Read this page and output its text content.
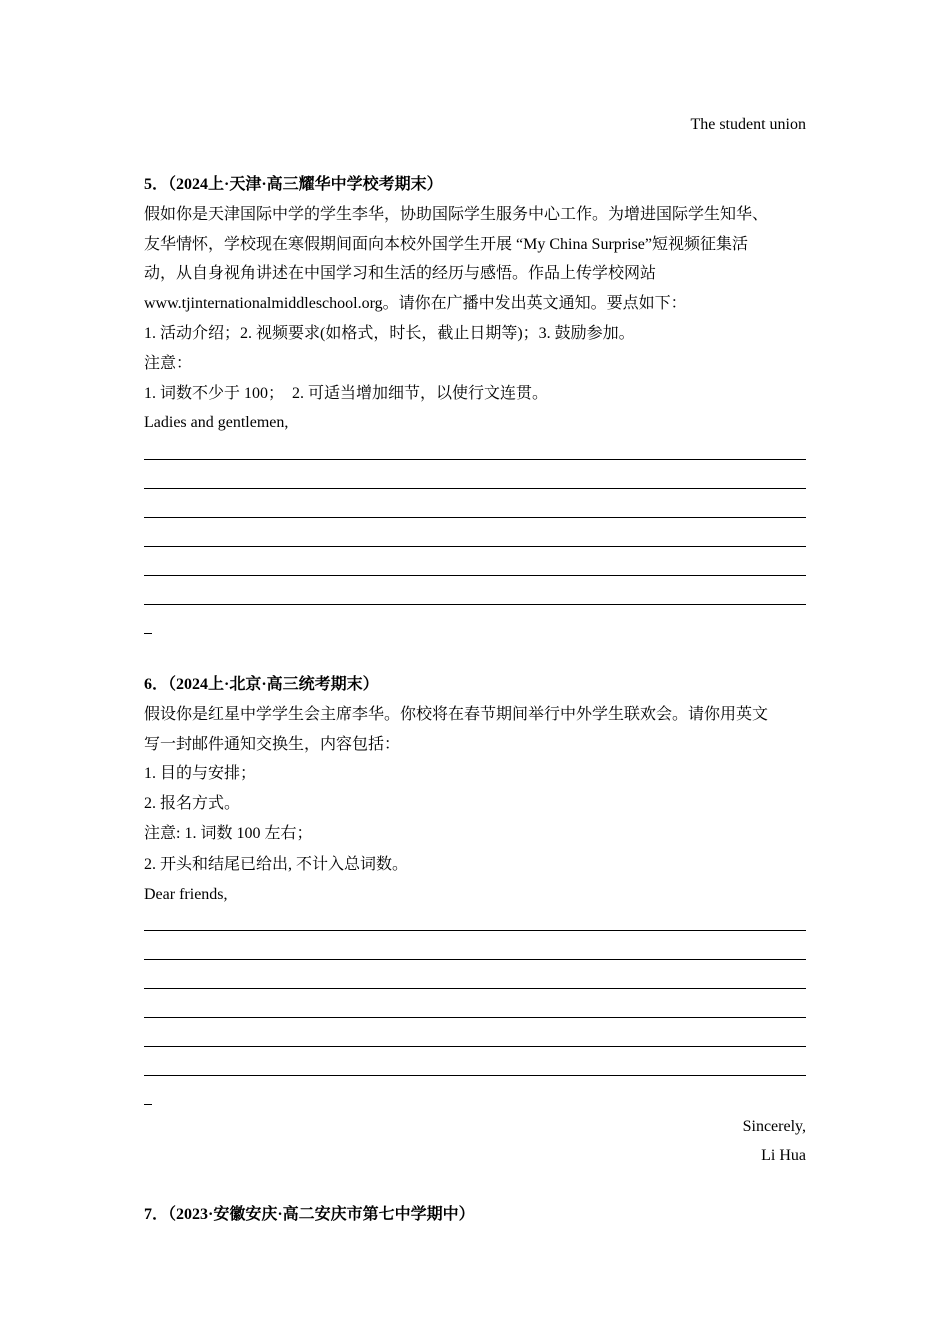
The student union
5．（2024上·天津·高三耀华中学校考期末）
假如你是天津国际中学的学生李华，协助国际学生服务中心工作。为增进国际学生知华、
友华情怀，学校现在寒假期间面向本校外国学生开展 “My China Surprise”短视频征集活
动，从自身视角讲述在中国学习和生活的经历与感悟。作品上传学校网站
www.tjinternationalmiddleschool.org。请你在广播中发出英文通知。要点如下：
1. 活动介绍；2. 视频要求(如格式，时长，截止日期等)；3. 鼓励参加。
注意：
1. 词数不少于 100；　2. 可适当增加细节，以使行文连贯。
Ladies and gentlemen,
6．（2024上·北京·高三统考期末）
假设你是红星中学学生会主席李华。你校将在春节期间举行中外学生联欢会。请你用英文
写一封邮件通知交换生，内容包括：
1. 目的与安排；
2. 报名方式。
注意: 1. 词数 100 左右；
2. 开头和结尾已给出, 不计入总词数。
Dear friends,
Sincerely,
Li Hua
7．（2023·安徽安庆·高二安庆市第七中学期中）
